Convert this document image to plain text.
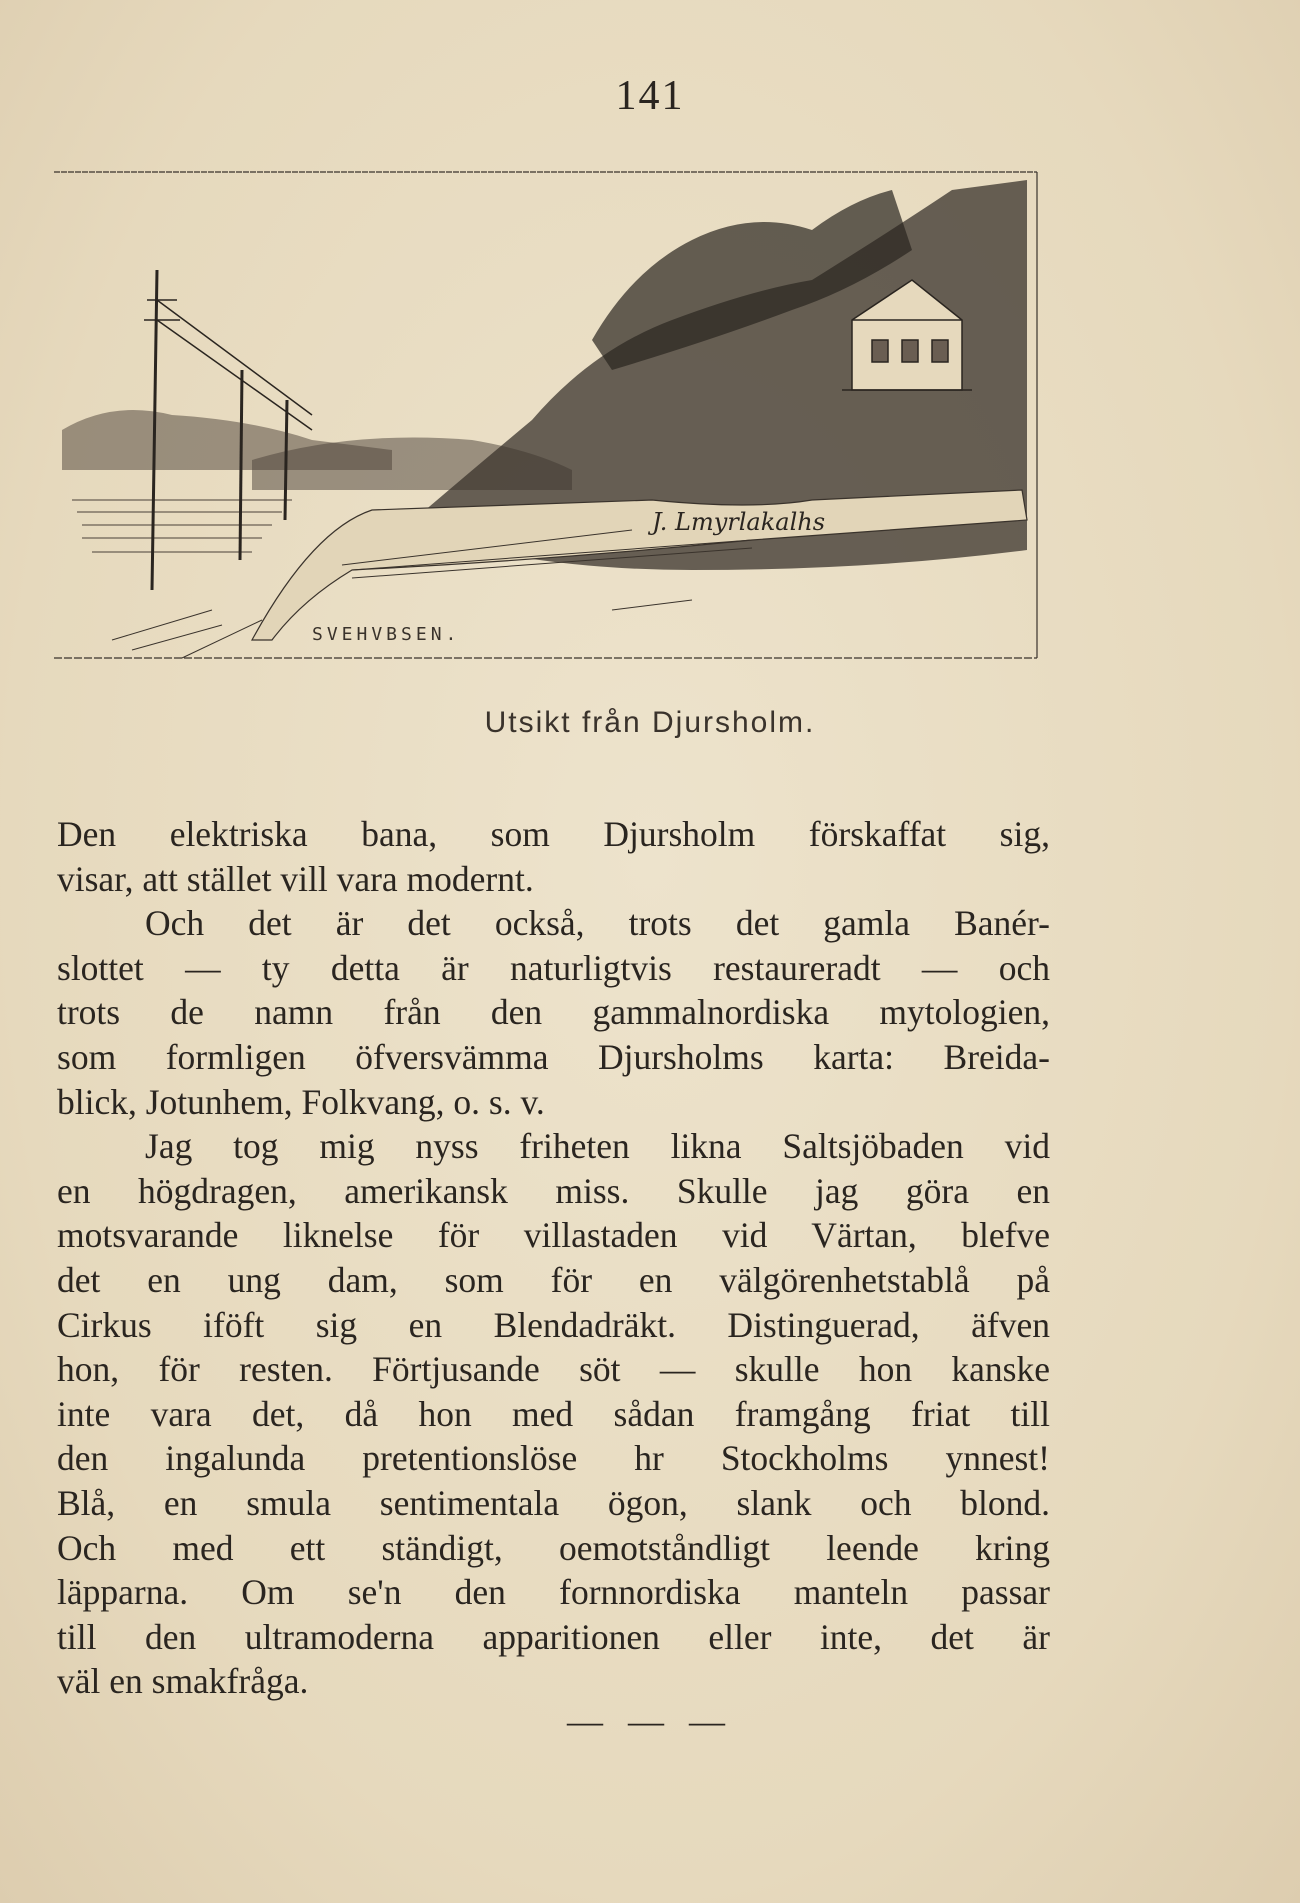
141
SVEHVBSEN.
J. Lmyrlakalhs
Utsikt från Djursholm.
Den elektriska bana, som Djursholm förskaffat sig,
visar, att stället vill vara modernt.
Och det är det också, trots det gamla Banér-
slottet — ty detta är naturligtvis restaureradt — och
trots de namn från den gammalnordiska mytologien,
som formligen öfversvämma Djursholms karta: Breida-
blick, Jotunhem, Folkvang, o. s. v.
Jag tog mig nyss friheten likna Saltsjöbaden vid
en högdragen, amerikansk miss. Skulle jag göra en
motsvarande liknelse för villastaden vid Värtan, blefve
det en ung dam, som för en välgörenhetstablå på
Cirkus iföft sig en Blendadräkt. Distinguerad, äfven
hon, för resten. Förtjusande söt — skulle hon kanske
inte vara det, då hon med sådan framgång friat till
den ingalunda pretentionslöse hr Stockholms ynnest!
Blå, en smula sentimentala ögon, slank och blond.
Och med ett ständigt, oemotståndligt leende kring
läpparna. Om se'n den fornnordiska manteln passar
till den ultramoderna apparitionen eller inte, det är
väl en smakfråga.
— — —
